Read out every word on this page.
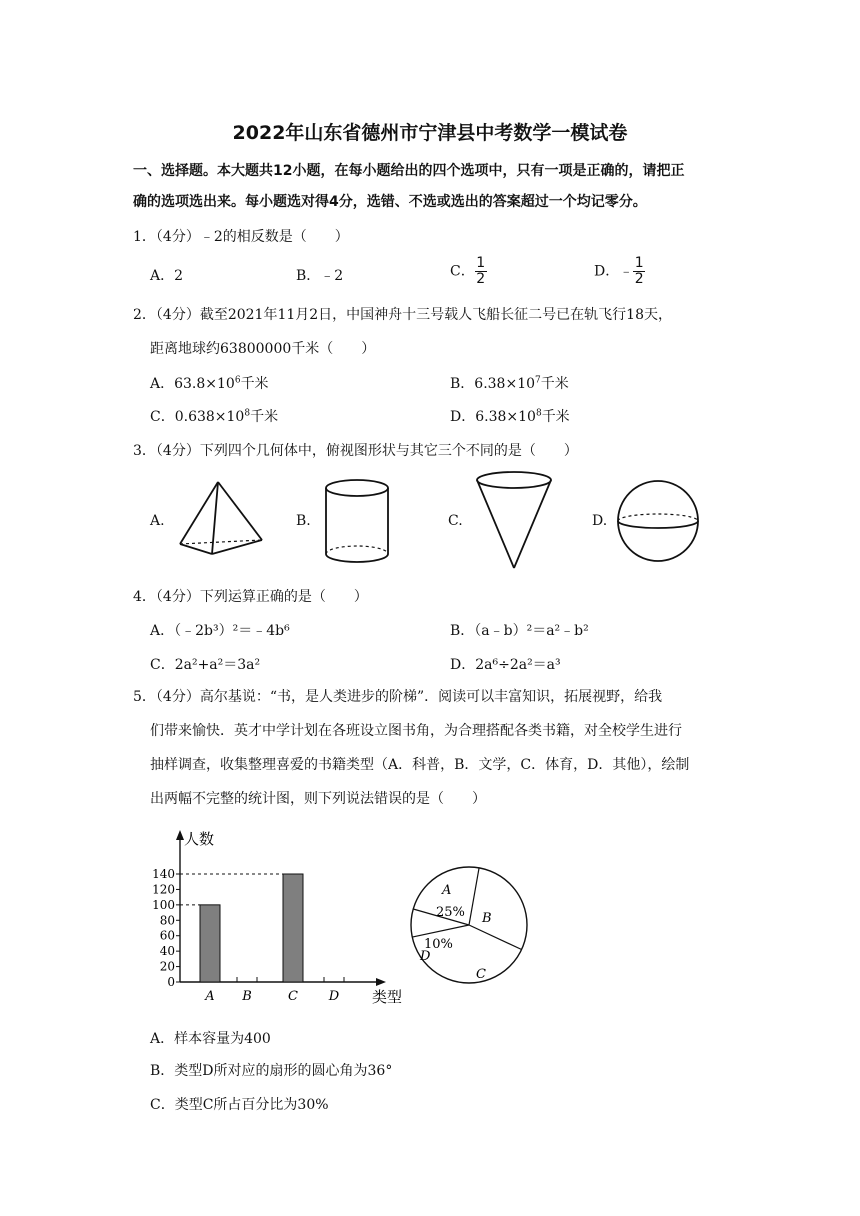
2022年山东省德州市宁津县中考数学一模试卷
一、选择题。本大题共12小题，在每小题给出的四个选项中，只有一项是正确的，请把正
确的选项选出来。每小题选对得4分，选错、不选或选出的答案超过一个均记零分。
1．（4分）﹣2的相反数是（　　）
A．2	B．﹣2	C． $\frac{1}{2}$	D．﹣ $\frac{1}{2}$
2．（4分）截至2021年11月2日，中国神舟十三号载人飞船长征二号已在轨飞行18天，
距离地球约63800000千米（　　）
A．$63.8\times 10^6$千米	B．$6.38\times 10^7$千米
C．$0.638\times 10^8$千米	D．$6.38\times 10^8$千米
3．（4分）下列四个几何体中，俯视图形状与其它三个不同的是（　　）
A.	B.	C.	D.
4．（4分）下列运算正确的是（　　）
A．（﹣2b³）²＝﹣4b⁶	B．（a﹣b）²＝a²﹣b²
C．2a²+a²＝3a²	D．2a⁶÷2a²＝a³
5．（4分）高尔基说：“书，是人类进步的阶梯”．阅读可以丰富知识，拓展视野，给我
们带来愉快．英才中学计划在各班设立图书角，为合理搭配各类书籍，对全校学生进行
抽样调查，收集整理喜爱的书籍类型（A．科普，B．文学，C．体育，D．其他），绘制
出两幅不完整的统计图，则下列说法错误的是（　　）
人数
类型
0
20
40
60
80
100
120
140
A B	C D
A
B
C
D
25%
10%
A．样本容量为400
B．类型D所对应的扇形的圆心角为36°
C．类型C所占百分比为30%
